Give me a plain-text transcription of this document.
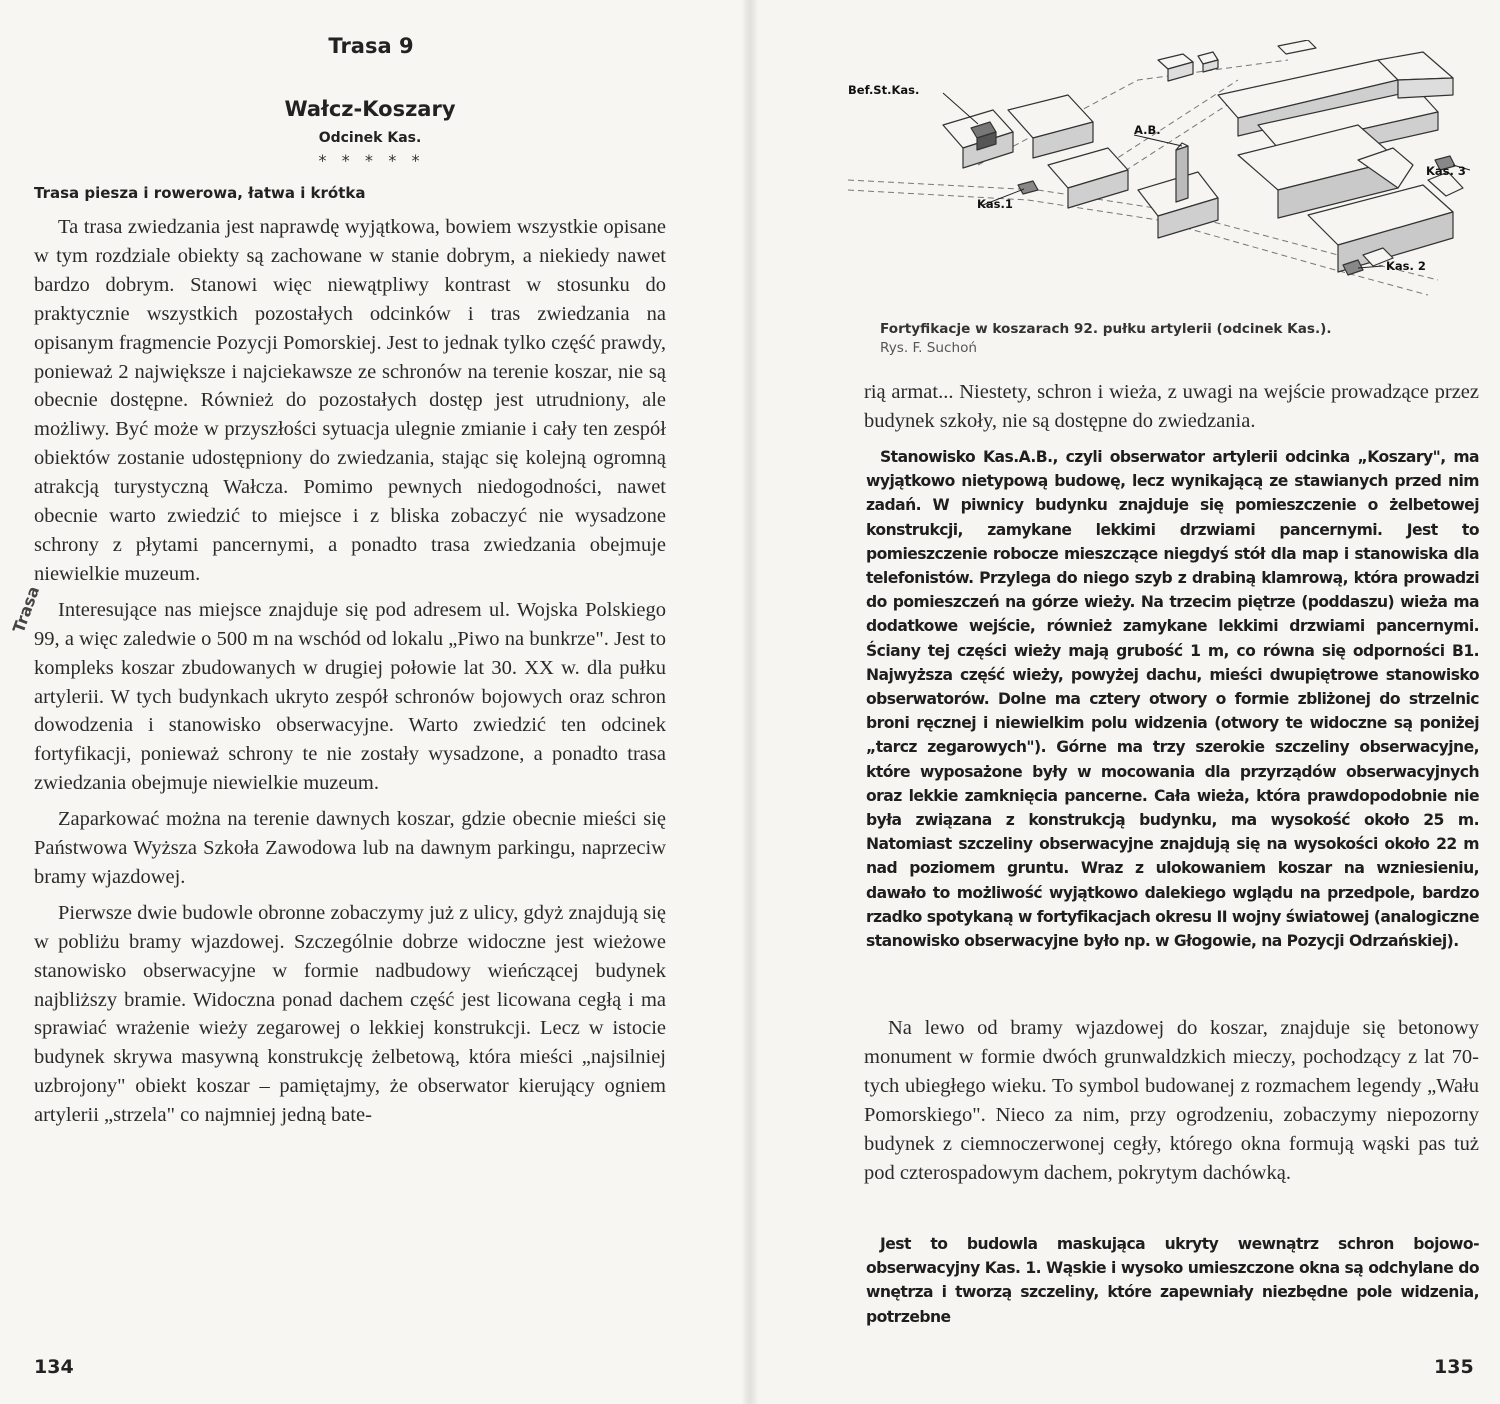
Trasa 9
Wałcz-Koszary
Odcinek Kas.
* * * * *
Trasa piesza i rowerowa, łatwa i krótka
Trasa

Ta trasa zwiedzania jest naprawdę wyjątkowa, bowiem wszystkie opisane w tym rozdziale obiekty są zachowane w stanie dobrym, a niekiedy nawet bardzo dobrym. Stanowi więc niewątpliwy kontrast w stosunku do praktycznie wszystkich pozostałych odcinków i tras zwiedzania na opisanym fragmencie Pozycji Pomorskiej. Jest to jednak tylko część prawdy, ponieważ 2 największe i najciekawsze ze schronów na terenie koszar, nie są obecnie dostępne. Również do pozostałych dostęp jest utrudniony, ale możliwy. Być może w przyszłości sytuacja ulegnie zmianie i cały ten zespół obiektów zostanie udostępniony do zwiedzania, stając się kolejną ogromną atrakcją turystyczną Wałcza. Pomimo pewnych niedogodności, nawet obecnie warto zwiedzić to miejsce i z bliska zobaczyć nie wysadzone schrony z płytami pancernymi, a ponadto trasa zwiedzania obejmuje niewielkie muzeum.

Interesujące nas miejsce znajduje się pod adresem ul. Wojska Polskiego 99, a więc zaledwie o 500 m na wschód od lokalu „Piwo na bunkrze". Jest to kompleks koszar zbudowanych w drugiej połowie lat 30. XX w. dla pułku artylerii. W tych budynkach ukryto zespół schronów bojowych oraz schron dowodzenia i stanowisko obserwacyjne. Warto zwiedzić ten odcinek fortyfikacji, ponieważ schrony te nie zostały wysadzone, a ponadto trasa zwiedzania obejmuje niewielkie muzeum.

Zaparkować można na terenie dawnych koszar, gdzie obecnie mieści się Państwowa Wyższa Szkoła Zawodowa lub na dawnym parkingu, naprzeciw bramy wjazdowej.

Pierwsze dwie budowle obronne zobaczymy już z ulicy, gdyż znajdują się w pobliżu bramy wjazdowej. Szczególnie dobrze widoczne jest wieżowe stanowisko obserwacyjne w formie nadbudowy wieńczącej budynek najbliższy bramie. Widoczna ponad dachem część jest licowana cegłą i ma sprawiać wrażenie wieży zegarowej o lekkiej konstrukcji. Lecz w istocie budynek skrywa masywną konstrukcję żelbetową, która mieści „najsilniej uzbrojony" obiekt koszar – pamiętajmy, że obserwator kierujący ogniem artylerii „strzela" co najmniej jedną bate-

134
Bef.St.Kas.
A.B.
Kas.1
Kas. 2
Kas. 3
Fortyfikacje w koszarach 92. pułku artylerii (odcinek Kas.).
Rys. F. Suchoń

rią armat... Niestety, schron i wieża, z uwagi na wejście prowadzące przez budynek szkoły, nie są dostępne do zwiedzania.

Stanowisko Kas.A.B., czyli obserwator artylerii odcinka „Koszary", ma wyjątkowo nietypową budowę, lecz wynikającą ze stawianych przed nim zadań. W piwnicy budynku znajduje się pomieszczenie o żelbetowej konstrukcji, zamykane lekkimi drzwiami pancernymi. Jest to pomieszczenie robocze mieszczące niegdyś stół dla map i stanowiska dla telefonistów. Przylega do niego szyb z drabiną klamrową, która prowadzi do pomieszczeń na górze wieży. Na trzecim piętrze (poddaszu) wieża ma dodatkowe wejście, również zamykane lekkimi drzwiami pancernymi. Ściany tej części wieży mają grubość 1 m, co równa się odporności B1. Najwyższa część wieży, powyżej dachu, mieści dwupiętrowe stanowisko obserwatorów. Dolne ma cztery otwory o formie zbliżonej do strzelnic broni ręcznej i niewielkim polu widzenia (otwory te widoczne są poniżej „tarcz zegarowych"). Górne ma trzy szerokie szczeliny obserwacyjne, które wyposażone były w mocowania dla przyrządów obserwacyjnych oraz lekkie zamknięcia pancerne. Cała wieża, która prawdopodobnie nie była związana z konstrukcją budynku, ma wysokość około 25 m. Natomiast szczeliny obserwacyjne znajdują się na wysokości około 22 m nad poziomem gruntu. Wraz z ulokowaniem koszar na wzniesieniu, dawało to możliwość wyjątkowo dalekiego wglądu na przedpole, bardzo rzadko spotykaną w fortyfikacjach okresu II wojny światowej (analogiczne stanowisko obserwacyjne było np. w Głogowie, na Pozycji Odrzańskiej).

Na lewo od bramy wjazdowej do koszar, znajduje się betonowy monument w formie dwóch grunwaldzkich mieczy, pochodzący z lat 70-tych ubiegłego wieku. To symbol budowanej z rozmachem legendy „Wału Pomorskiego". Nieco za nim, przy ogrodzeniu, zobaczymy niepozorny budynek z ciemnoczerwonej cegły, którego okna formują wąski pas tuż pod czterospadowym dachem, pokrytym dachówką.

Jest to budowla maskująca ukryty wewnątrz schron bojowo-obserwacyjny Kas. 1. Wąskie i wysoko umieszczone okna są odchylane do wnętrza i tworzą szczeliny, które zapewniały niezbędne pole widzenia, potrzebne

135
